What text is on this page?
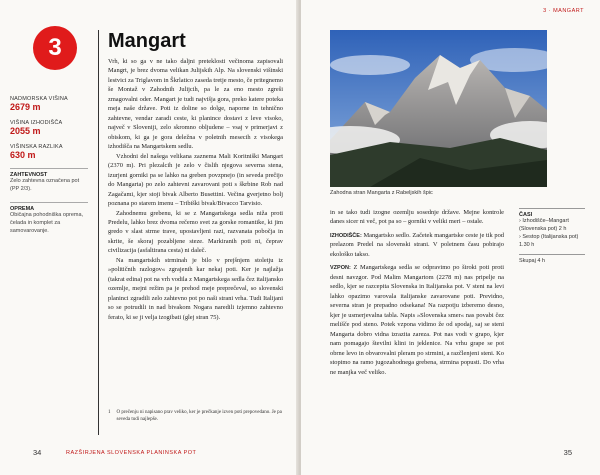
3
NADMORSKA VIŠINA
2679 m
VIŠINA IZHODIŠČA
2055 m
VIŠINSKA RAZLIKA
630 m
ZAHTEVNOST
Zelo zahtevna označena pot (PP 2/3).
OPREMA
Običajna pohodniška oprema, čelada in komplet za samovarovanje.
Mangart

Vrh, ki so ga v ne tako daljni preteklosti večinoma zapisovali Mangrt, je brez dvoma velikan Julijskih Alp. Na slovenski višinski lestvici za Triglavom in Škrlatico zaseda tretje mesto, če pritegnemo še Montaž v Zahodnih Julijcih, pa le za eno mesto zgreši zmagovalni oder. Mangart je tudi najvišja gora, preko katere poteka meja naše države. Poti iz doline so dolge, naporne in tehnično zahtevne, vendar zaradi ceste, ki planince dostavi z leve visoko, največ v Sloveniji, zelo skromno obljudene – vsaj v primerjavi z obiskom, ki ga je gora deležna v poletnih mesecih z visokega izhodišča na Mangartskem sedlu.

Vzhodni del našega velikana zaznema Mali Koritniški Mangart (2370 m). Pri plezalcih je zelo v čislih njegova severna stena, izurjeni gorniki pa se lahko na greben povzpnejo (in seveda prečijo do Mangarta) po zelo zahtevni zavarovani poti s škrbine Rob nad Zagačami, kjer stoji bivak Alberto Busettini. Večina gverjetno bolj poznana po starem imenu – Tribiški bivak/Bivacco Tarvisio.

Zahodnemu grebenu, ki se z Mangartskega sedla niža proti Predelu, lahko brez dvoma rečemo svet za gorske romantike, ki jim gredo v slast strme trave, upostavljeni razi, razvanata pobočja in skrite, še skoraj pozabljene steze. Markiranih poti ni, čeprav civilizacija (asfaltirana cesta) ni daleč.

Na mangartskih strminah je bilo v prejšnjem stoletju iz »političnih razlogov« zgrajenih kar nekaj poti. Ker je najlažja (takrat edina) pot na vrh vodila z Mangartskega sedla čez italijansko ozemlje, mejni režim pa je prehod meje preprečeval, so slovenski planinci zgradili zelo zahtevno pot po naši strani vrha. Tudi Italijani so se potrudili in nad bivakom Nogara naredili izjemno zahtevno ferato, ki se ji velja izogibati (glej stran 75).

1 O prečenju ni napisano prav veliko, ker je prečkanje izven poti prepovedano. Je pa seveda tudi najlepše.
34	RAZŠIRJENA SLOVENSKA PLANINSKA POT
3 · MANGART
Zahodna stran Mangarta z Rabeljskih špic

in se tako tudi izogne ozemlju sosednje države. Mejne kontrole danes sicer ni več, pot pa so – gorniki v veliki meri – ostale.

IZHODIŠČE: Mangartsko sedlo. Začetek mangartske ceste je tik pod prelazom Predel na slovenski strani. V poletnem času pobirajo ekološko takso.

VZPON: Z Mangartskega sedla se odpravimo po široki poti proti desni navzgor. Pod Malim Mangartom (2278 m) nas pripelje na sedlo, kjer se razcepita Slovenska in Italijanska pot. V steni na levi lahko opazimo varovala italijanske zavarovane poti. Previdno, severna stran je prepadno odsekana! Na razpotju izberemo desno, kjer je usmerjevalna tabla. Napis »Slovenska smer« nas povabi čez melišče pod steno. Potek vzpona vidimo že od spodaj, saj se steni Mangarta dobro vidna izrazita zareza. Pot nas vodi v grapo, kjer nam pomagajo številni klini in jeklenice. Na vrhu grape se pot obrne levo in obvarovalni pleram po strmini, a razčlenjeni steni. Ko stopimo na ramo jugozahodnega grebena, strmina popusti. Do vrha ne manjka več veliko.

ČASI
› Izhodišče–Mangart (Slovenska pot) 2 h
› Sestop (Italijanska pot) 1.30 h
Skupaj 4 h
35
